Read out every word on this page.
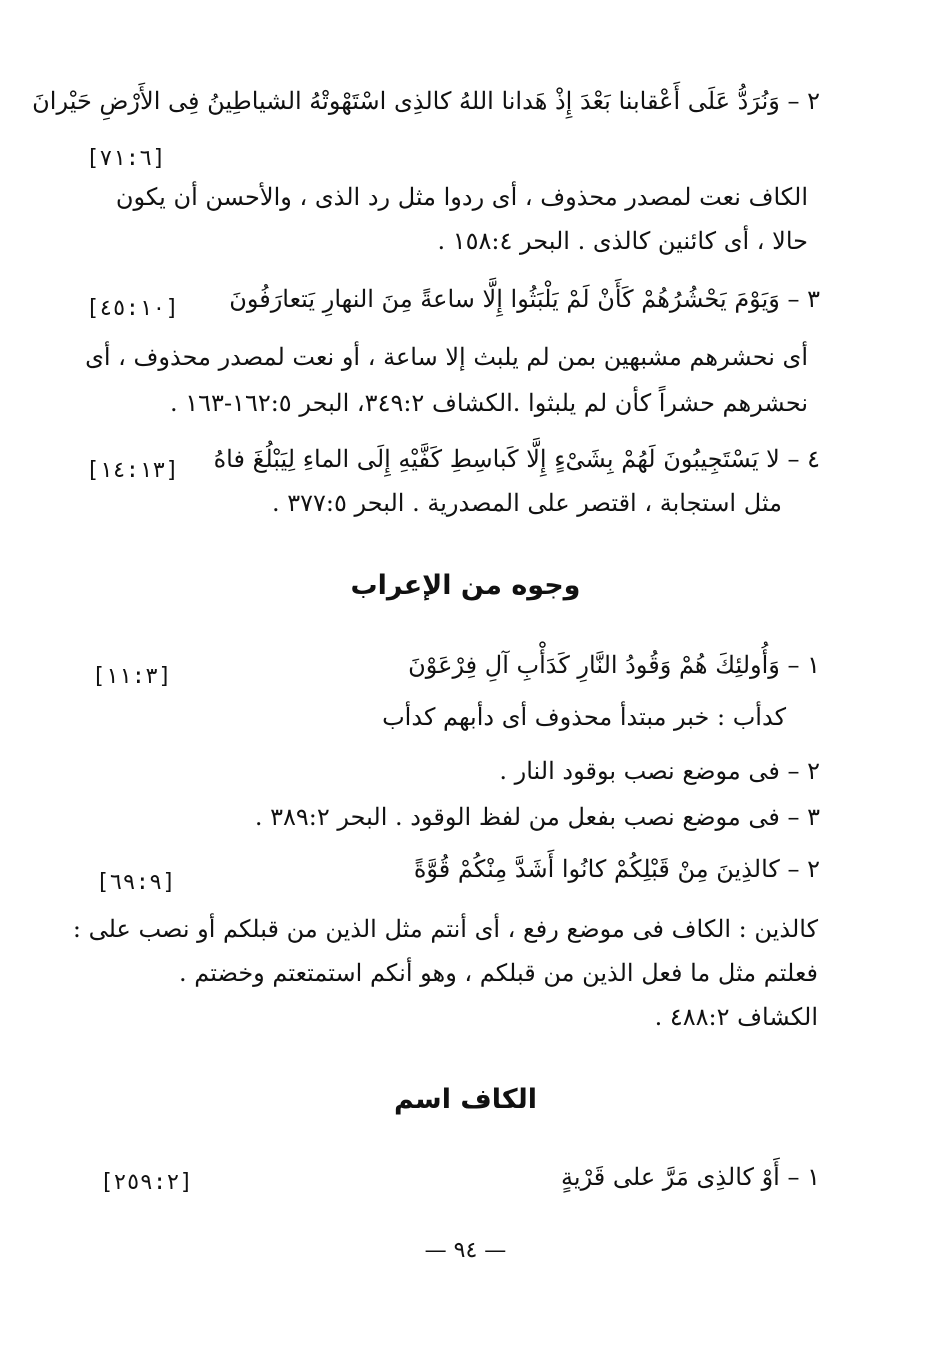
٢ – وَنُرَدُّ عَلَى أَعْقابنا بَعْدَ إِذْ هَدانا اللهُ كالذِى اسْتَهْوتْهُ الشياطِينُ فِى الأَرْضِ حَيْرانَ
[٧١:٦]
الكاف نعت لمصدر محذوف ، أى ردوا مثل رد الذى ، والأحسن أن يكون
حالا ، أى كائنين كالذى . البحر ١٥٨:٤ .
٣ – وَيَوْمَ يَحْشُرُهُمْ كَأَنْ لَمْ يَلْبَثُوا إِلَّا ساعةً مِنَ النهارِ يَتعارَفُونَ
[٤٥:١٠]
أى نحشرهم مشبهين بمن لم يلبث إلا ساعة ، أو نعت لمصدر محذوف ، أى
نحشرهم حشراً كأن لم يلبثوا .الكشاف ٣٤٩:٢، البحر ١٦٢:٥-١٦٣ .
٤ – لا يَسْتَجِيبُونَ لَهُمْ بِشَىْءٍ إِلَّا كَباسِطِ كَفَّيْهِ إِلَى الماءِ لِيَبْلُغَ فاهُ
[١٤:١٣]
مثل استجابة ، اقتصر على المصدرية . البحر ٣٧٧:٥ .
وجوه من الإعراب
١ – وَأُولئِكَ هُمْ وَقُودُ النَّارِ كَدَأْبِ آلِ فِرْعَوْنَ
[١١:٣]
كدأب : خبر مبتدأ محذوف أى دأبهم كدأب
٢ – فى موضع نصب بوقود النار .
٣ – فى موضع نصب بفعل من لفظ الوقود . البحر ٣٨٩:٢ .
٢ – كالذِينَ مِنْ قَبْلِكُمْ كانُوا أَشَدَّ مِنْكُمْ قُوَّةً
[٦٩:٩]
كالذين : الكاف فى موضع رفع ، أى أنتم مثل الذين من قبلكم أو نصب على :
فعلتم مثل ما فعل الذين من قبلكم ، وهو أنكم استمتعتم وخضتم .
الكشاف ٤٨٨:٢ .
الكاف اسم
١ – أَوْ كالذِى مَرَّ على قَرْيةٍ
[٢٥٩:٢]
— ٩٤ —
